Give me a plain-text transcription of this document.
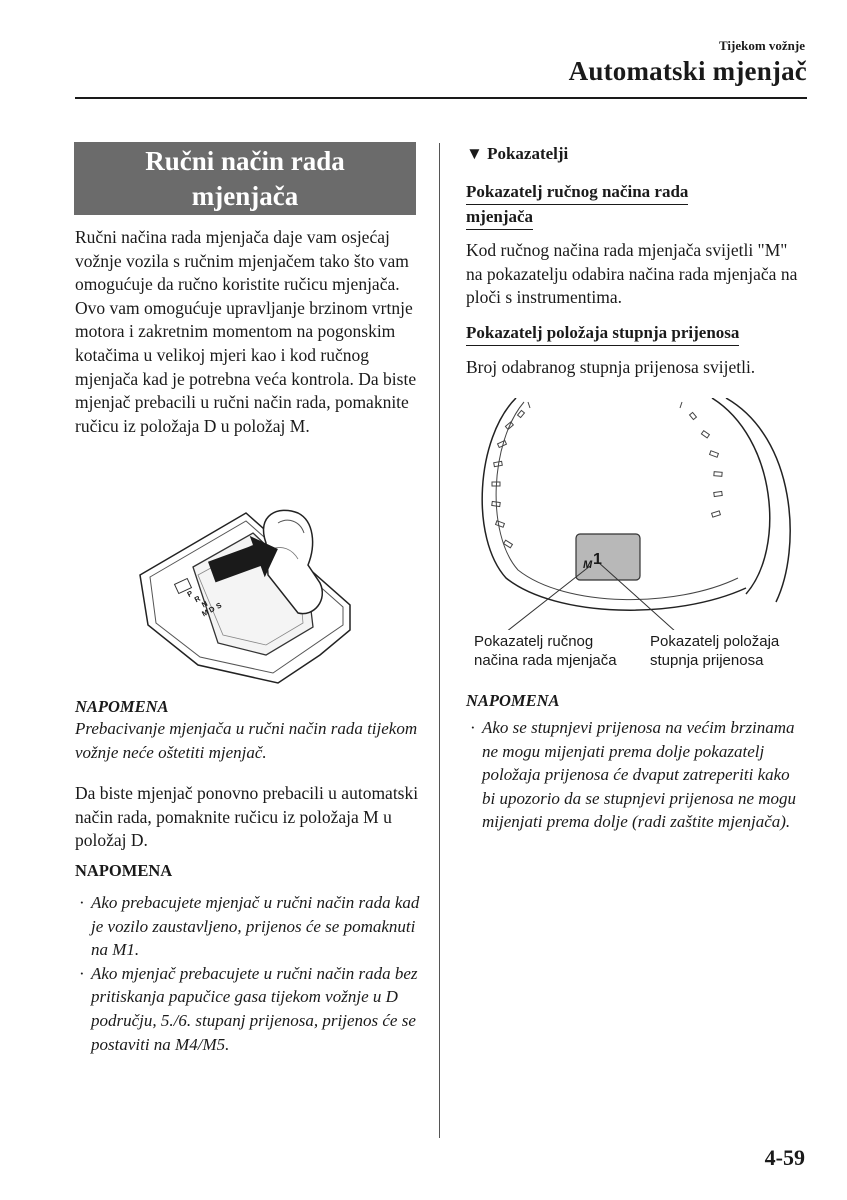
Tijekom vožnje
Automatski mjenjač
Ručni način rada
mjenjača
Ručni načina rada mjenjača daje vam osjećaj vožnje vozila s ručnim mjenjačem tako što vam omogućuje da ručno koristite ručicu mjenjača. Ovo vam omogućuje upravljanje brzinom vrtnje motora i zakretnim momentom na pogonskim kotačima u velikoj mjeri kao i kod ručnog mjenjača kad je potrebna veća kontrola. Da biste mjenjač prebacili u ručni način rada, pomaknite ručicu iz položaja D u položaj M.
P
R
N
D
M
S
NAPOMENA
Prebacivanje mjenjača u ručni način rada tijekom vožnje neće oštetiti mjenjač.
Da biste mjenjač ponovno prebacili u automatski način rada, pomaknite ručicu iz položaja M u položaj D.
NAPOMENA
· Ako prebacujete mjenjač u ručni način rada kad je vozilo zaustavljeno, prijenos će se pomaknuti na M1.
· Ako mjenjač prebacujete u ručni način rada bez pritiskanja papučice gasa tijekom vožnje u D području, 5./6. stupanj prijenosa, prijenos će se postaviti na M4/M5.
▼ Pokazatelji
Pokazatelj ručnog načina rada
mjenjača
Kod ručnog načina rada mjenjača svijetli "M" na pokazatelju odabira načina rada mjenjača na ploči s instrumentima.
Pokazatelj položaja stupnja prijenosa
Broj odabranog stupnja prijenosa svijetli.
M 1
Pokazatelj ručnog
načina rada mjenjača
Pokazatelj položaja
stupnja prijenosa
NAPOMENA
· Ako se stupnjevi prijenosa na većim brzinama ne mogu mijenjati prema dolje pokazatelj položaja prijenosa će dvaput zatreperiti kako bi upozorio da se stupnjevi prijenosa ne mogu mijenjati prema dolje (radi zaštite mjenjača).
4-59
